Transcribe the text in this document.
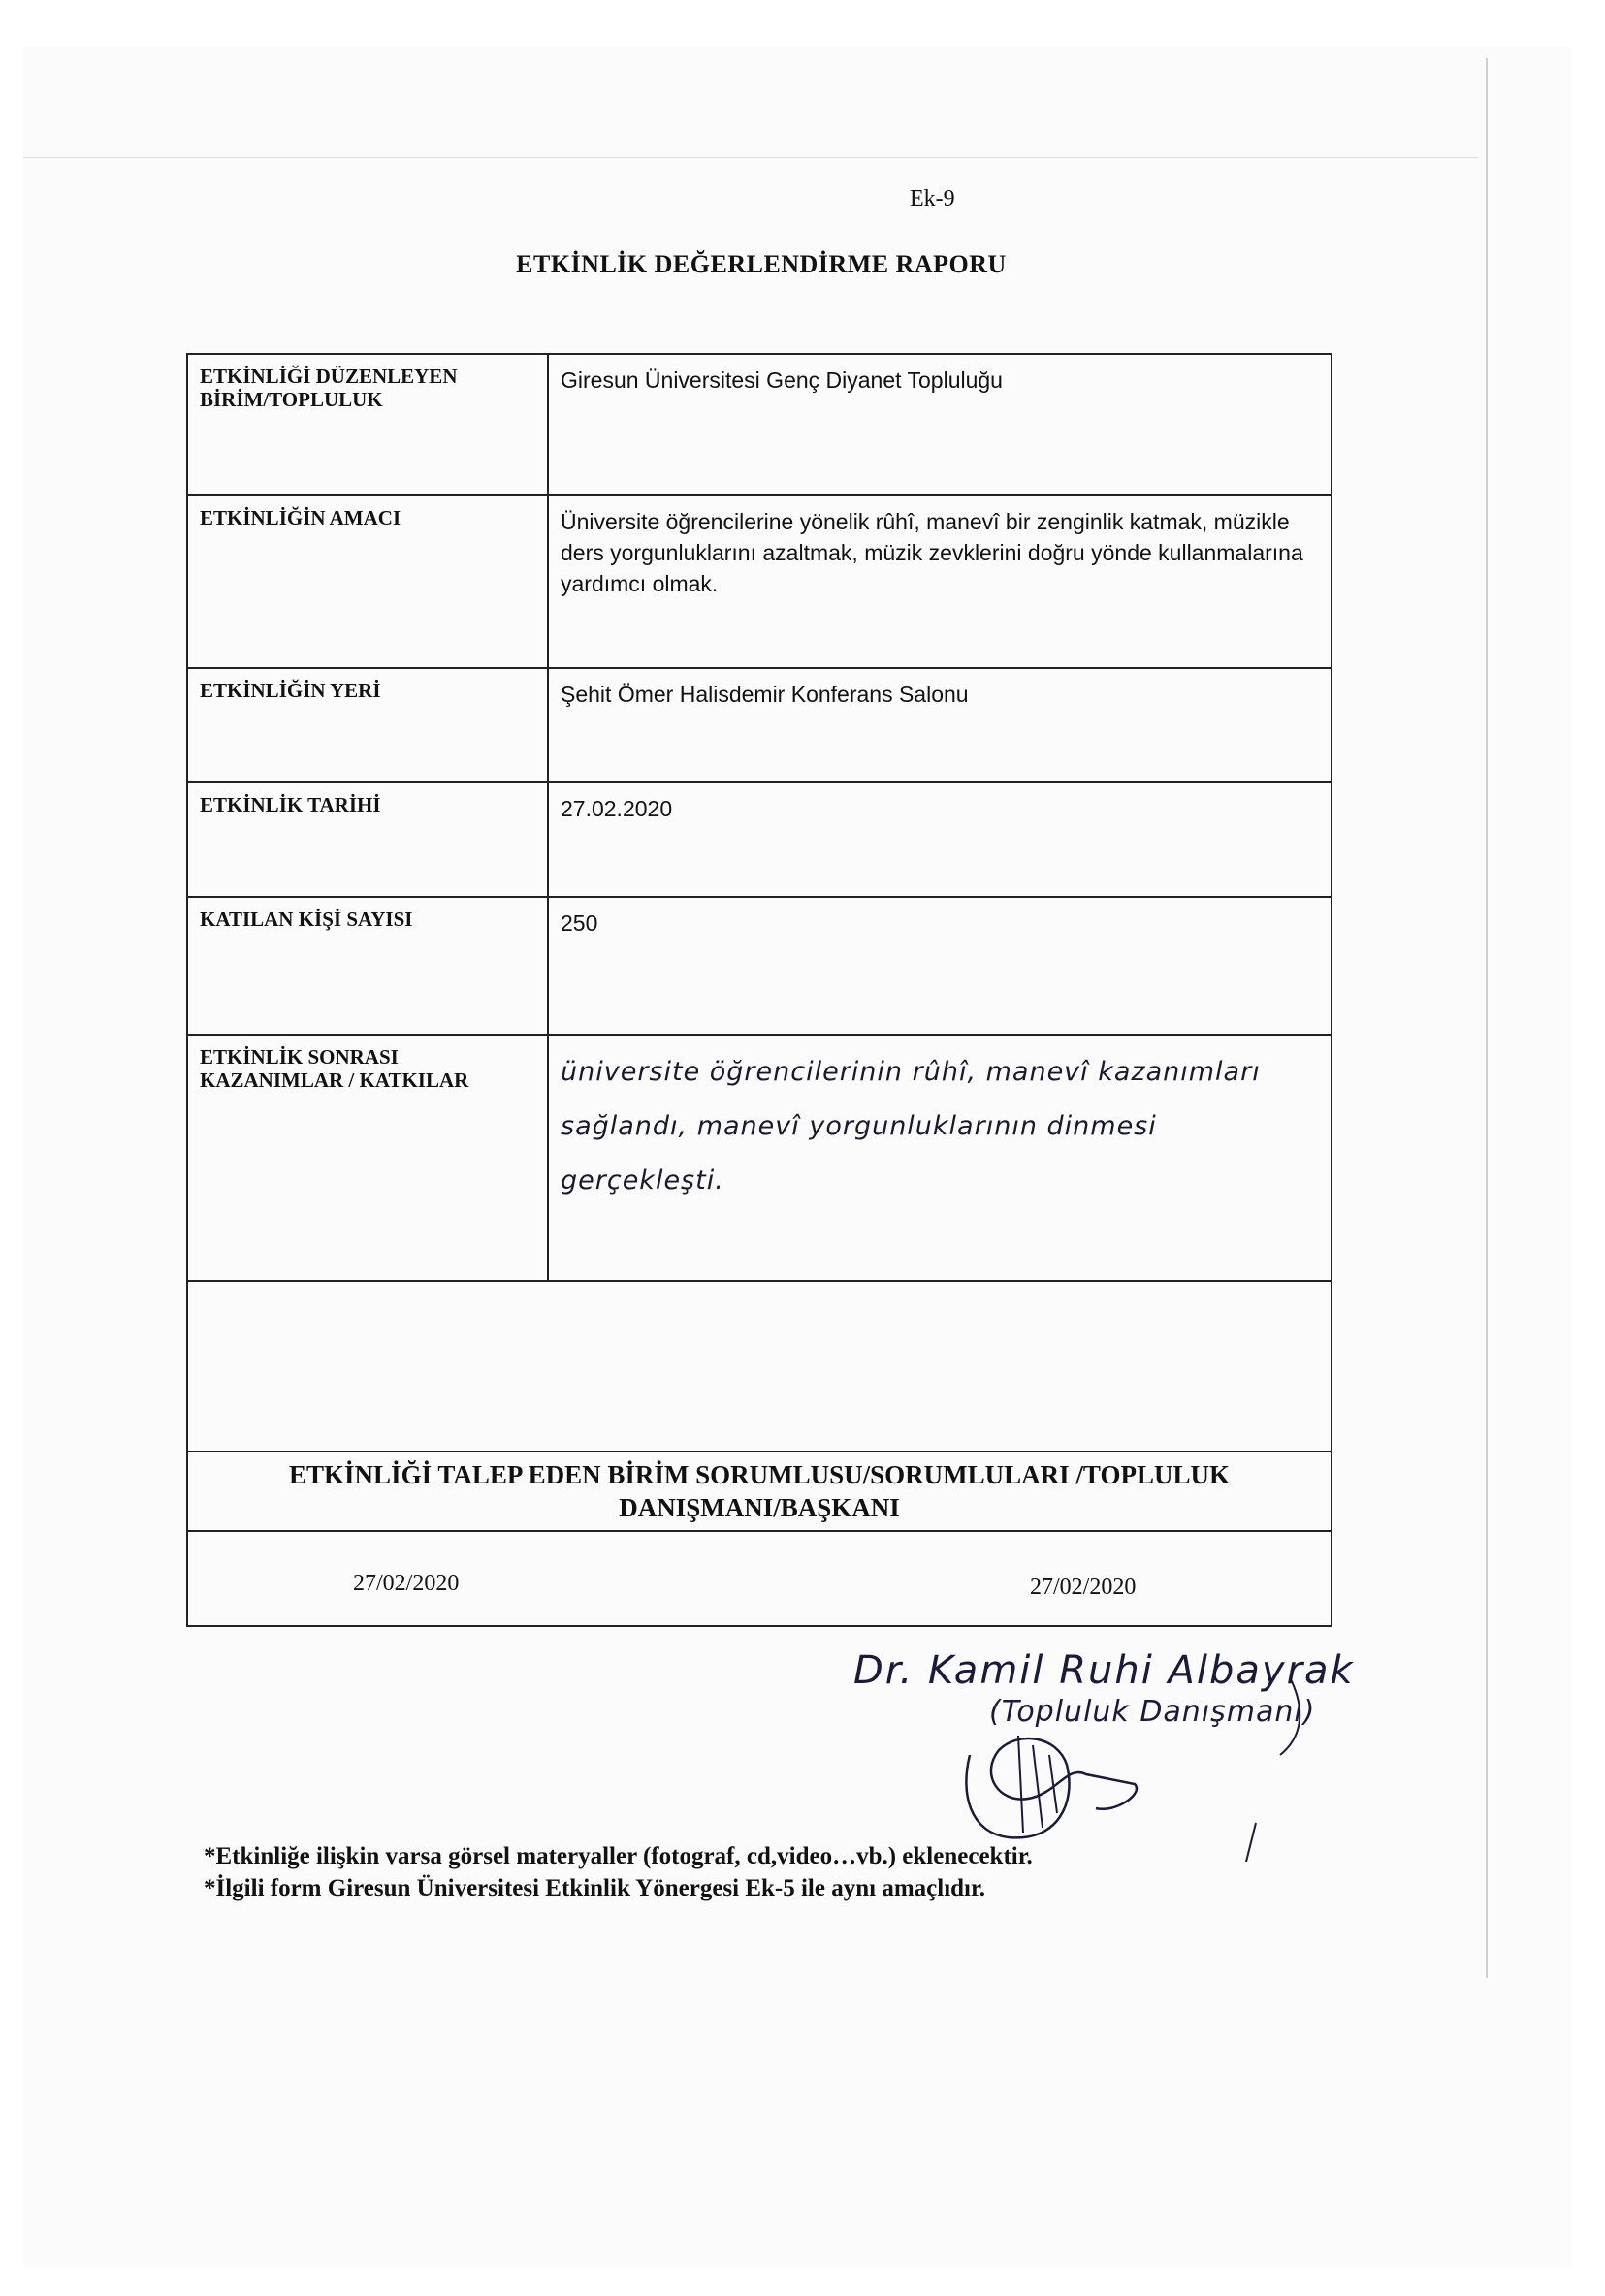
Ek-9
ETKİNLİK DEĞERLENDİRME RAPORU
ETKİNLİĞİ DÜZENLEYEN BİRİM/TOPLULUK	Giresun Üniversitesi Genç Diyanet Topluluğu
ETKİNLİĞİN AMACI	Üniversite öğrencilerine yönelik rûhî, manevî bir zenginlik katmak, müzikle ders yorgunluklarını azaltmak, müzik zevklerini doğru yönde kullanmalarına yardımcı olmak.
ETKİNLİĞİN YERİ	Şehit Ömer Halisdemir Konferans Salonu
ETKİNLİK TARİHİ	27.02.2020
KATILAN KİŞİ SAYISI	250
ETKİNLİK SONRASI KAZANIMLAR / KATKILAR	üniversite öğrencilerinin rûhî, manevî kazanımları sağlandı, manevî yorgunluklarının dinmesi gerçekleşti.

ETKİNLİĞİ TALEP EDEN BİRİM SORUMLUSU/SORUMLULARI /TOPLULUK DANIŞMANI/BAŞKANI	

27/02/2020 27/02/2020	
Dr. Kamil Ruhi Albayrak
(Topluluk Danışmanı)
*Etkinliğe ilişkin varsa görsel materyaller (fotograf, cd,video…vb.) eklenecektir.
*İlgili form Giresun Üniversitesi Etkinlik Yönergesi Ek-5 ile aynı amaçlıdır.
